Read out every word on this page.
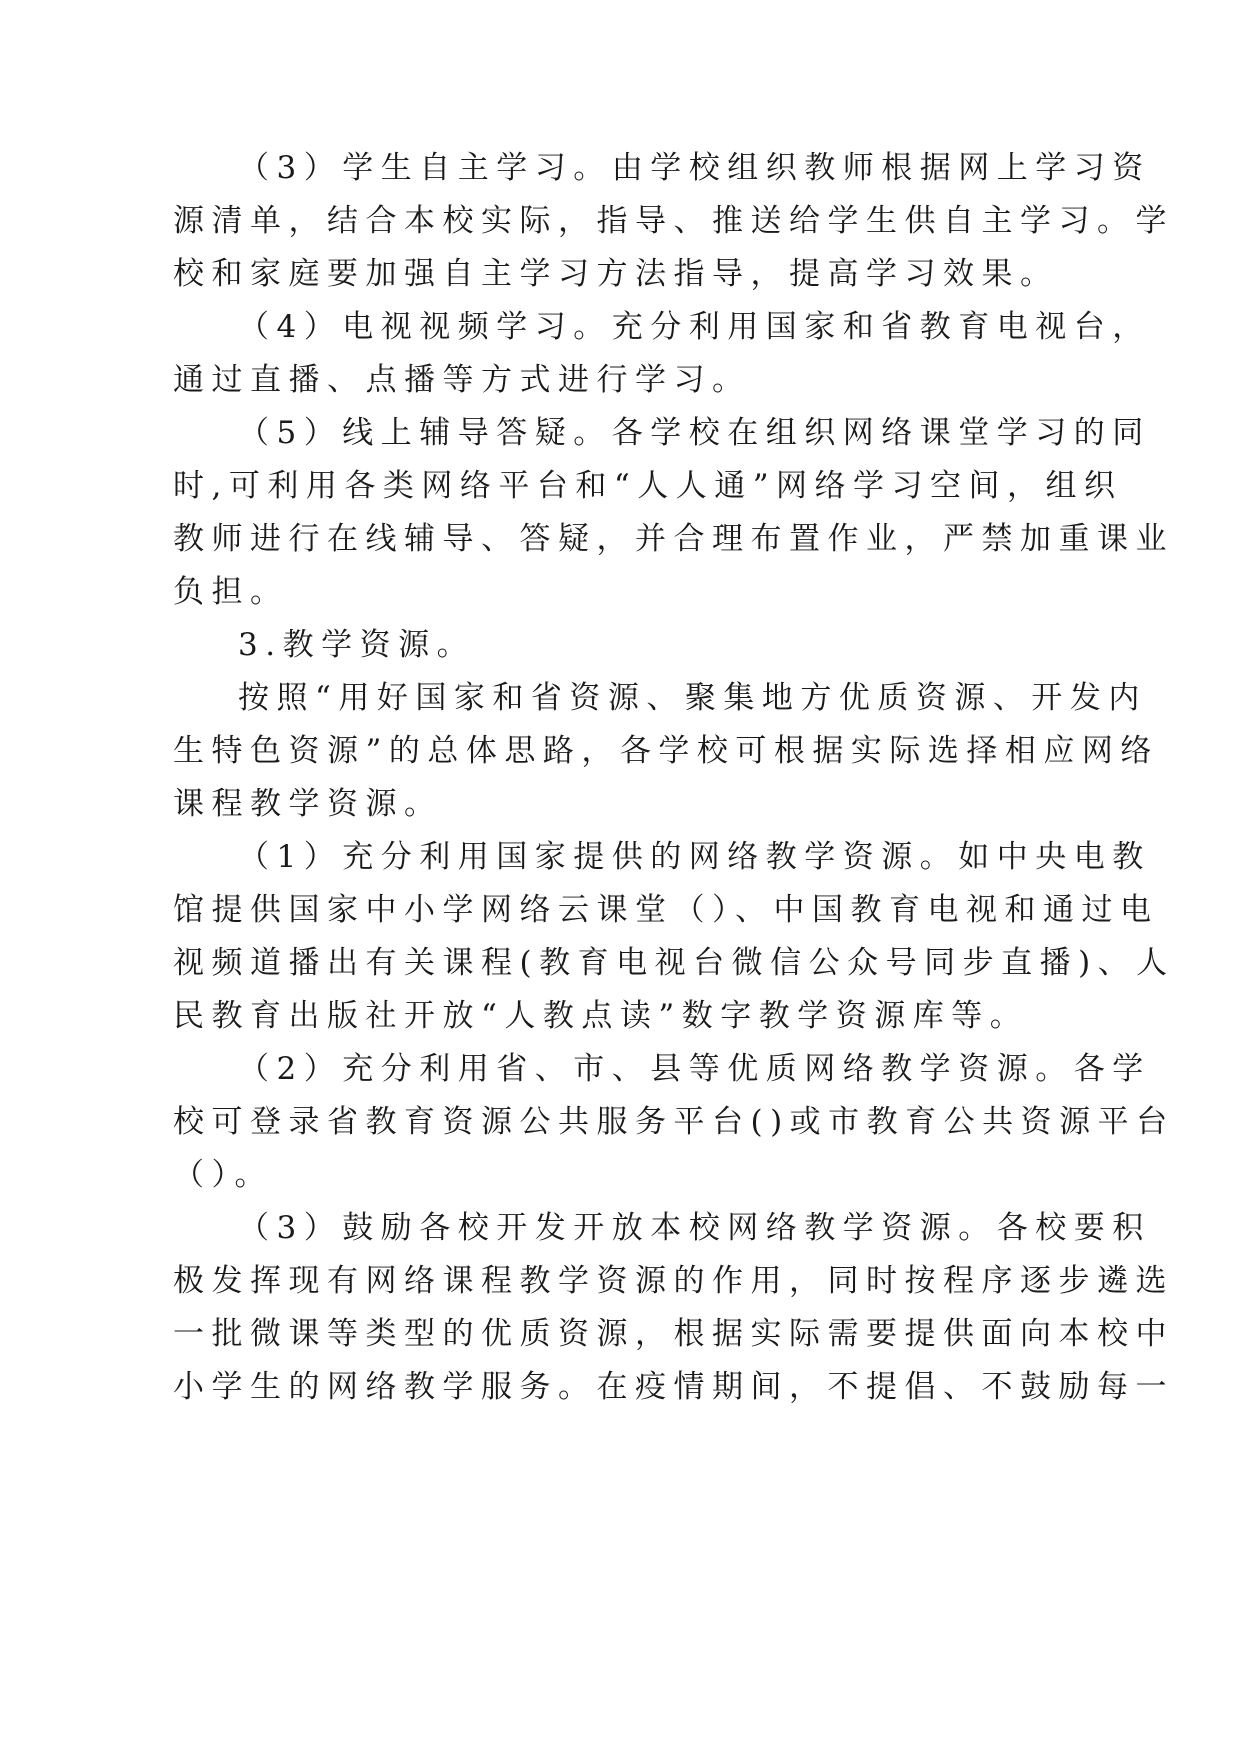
（3）学生自主学习。由学校组织教师根据网上学习资

源清单，结合本校实际，指导、推送给学生供自主学习。学

校和家庭要加强自主学习方法指导，提高学习效果。

（4）电视视频学习。充分利用国家和省教育电视台，

通过直播、点播等方式进行学习。

（5）线上辅导答疑。各学校在组织网络课堂学习的同

时,可利用各类网络平台和“人人通”网络学习空间，组织

教师进行在线辅导、答疑，并合理布置作业，严禁加重课业

负担。

3.教学资源。

按照“用好国家和省资源、聚集地方优质资源、开发内

生特色资源”的总体思路，各学校可根据实际选择相应网络

课程教学资源。

（1）充分利用国家提供的网络教学资源。如中央电教

馆提供国家中小学网络云课堂（）、中国教育电视和通过电

视频道播出有关课程(教育电视台微信公众号同步直播)、人

民教育出版社开放“人教点读”数字教学资源库等。

（2）充分利用省、市、县等优质网络教学资源。各学

校可登录省教育资源公共服务平台()或市教育公共资源平台

（）。

（3）鼓励各校开发开放本校网络教学资源。各校要积

极发挥现有网络课程教学资源的作用，同时按程序逐步遴选

一批微课等类型的优质资源，根据实际需要提供面向本校中

小学生的网络教学服务。在疫情期间，不提倡、不鼓励每一
